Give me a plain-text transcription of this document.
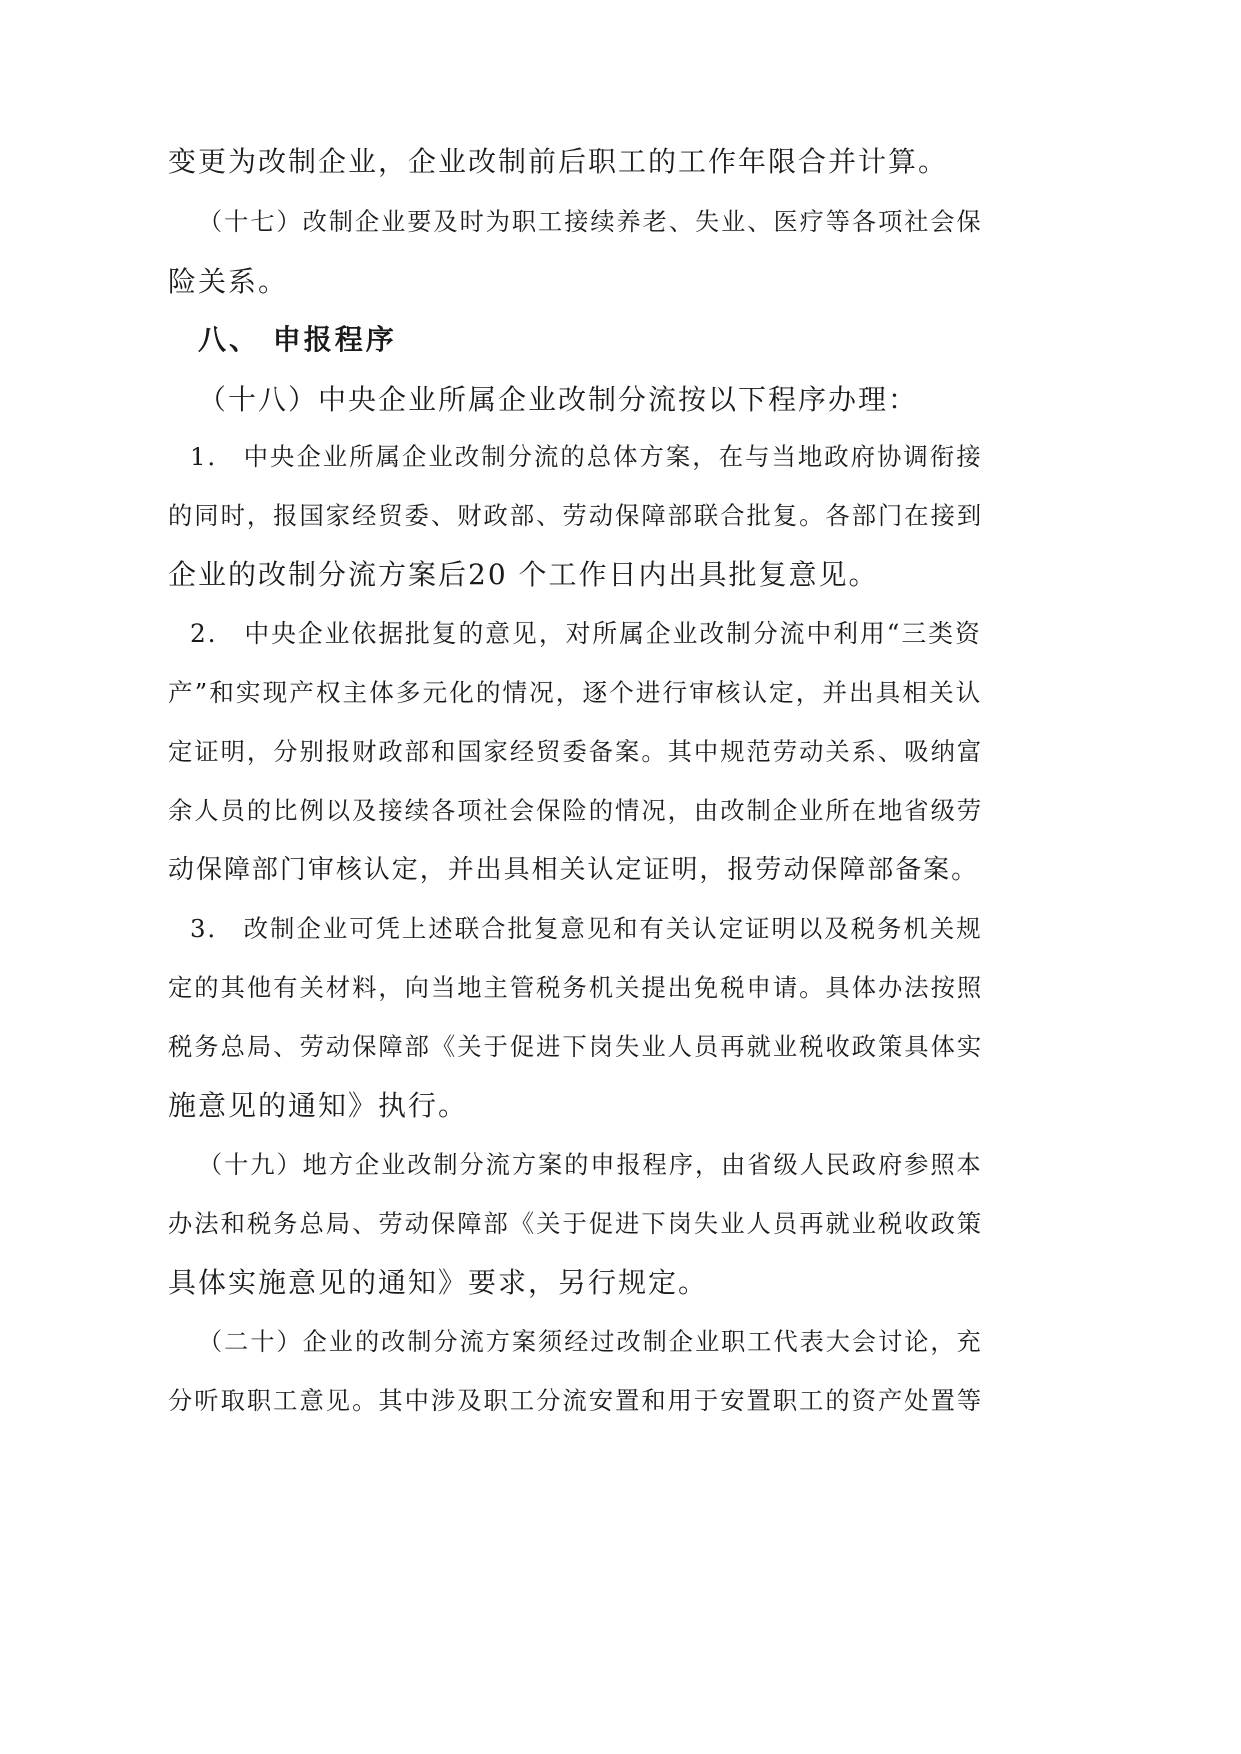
变更为改制企业，企业改制前后职工的工作年限合并计算。
（十七）改制企业要及时为职工接续养老、失业、医疗等各项社会保
险关系。
八、 申报程序
（十八）中央企业所属企业改制分流按以下程序办理：
1． 中央企业所属企业改制分流的总体方案，在与当地政府协调衔接
的同时，报国家经贸委、财政部、劳动保障部联合批复。各部门在接到
企业的改制分流方案后20 个工作日内出具批复意见。
2． 中央企业依据批复的意见，对所属企业改制分流中利用“三类资
产”和实现产权主体多元化的情况，逐个进行审核认定，并出具相关认
定证明，分别报财政部和国家经贸委备案。其中规范劳动关系、吸纳富
余人员的比例以及接续各项社会保险的情况，由改制企业所在地省级劳
动保障部门审核认定，并出具相关认定证明，报劳动保障部备案。
3． 改制企业可凭上述联合批复意见和有关认定证明以及税务机关规
定的其他有关材料，向当地主管税务机关提出免税申请。具体办法按照
税务总局、劳动保障部《关于促进下岗失业人员再就业税收政策具体实
施意见的通知》执行。
（十九）地方企业改制分流方案的申报程序，由省级人民政府参照本
办法和税务总局、劳动保障部《关于促进下岗失业人员再就业税收政策
具体实施意见的通知》要求，另行规定。
（二十）企业的改制分流方案须经过改制企业职工代表大会讨论，充
分听取职工意见。其中涉及职工分流安置和用于安置职工的资产处置等
